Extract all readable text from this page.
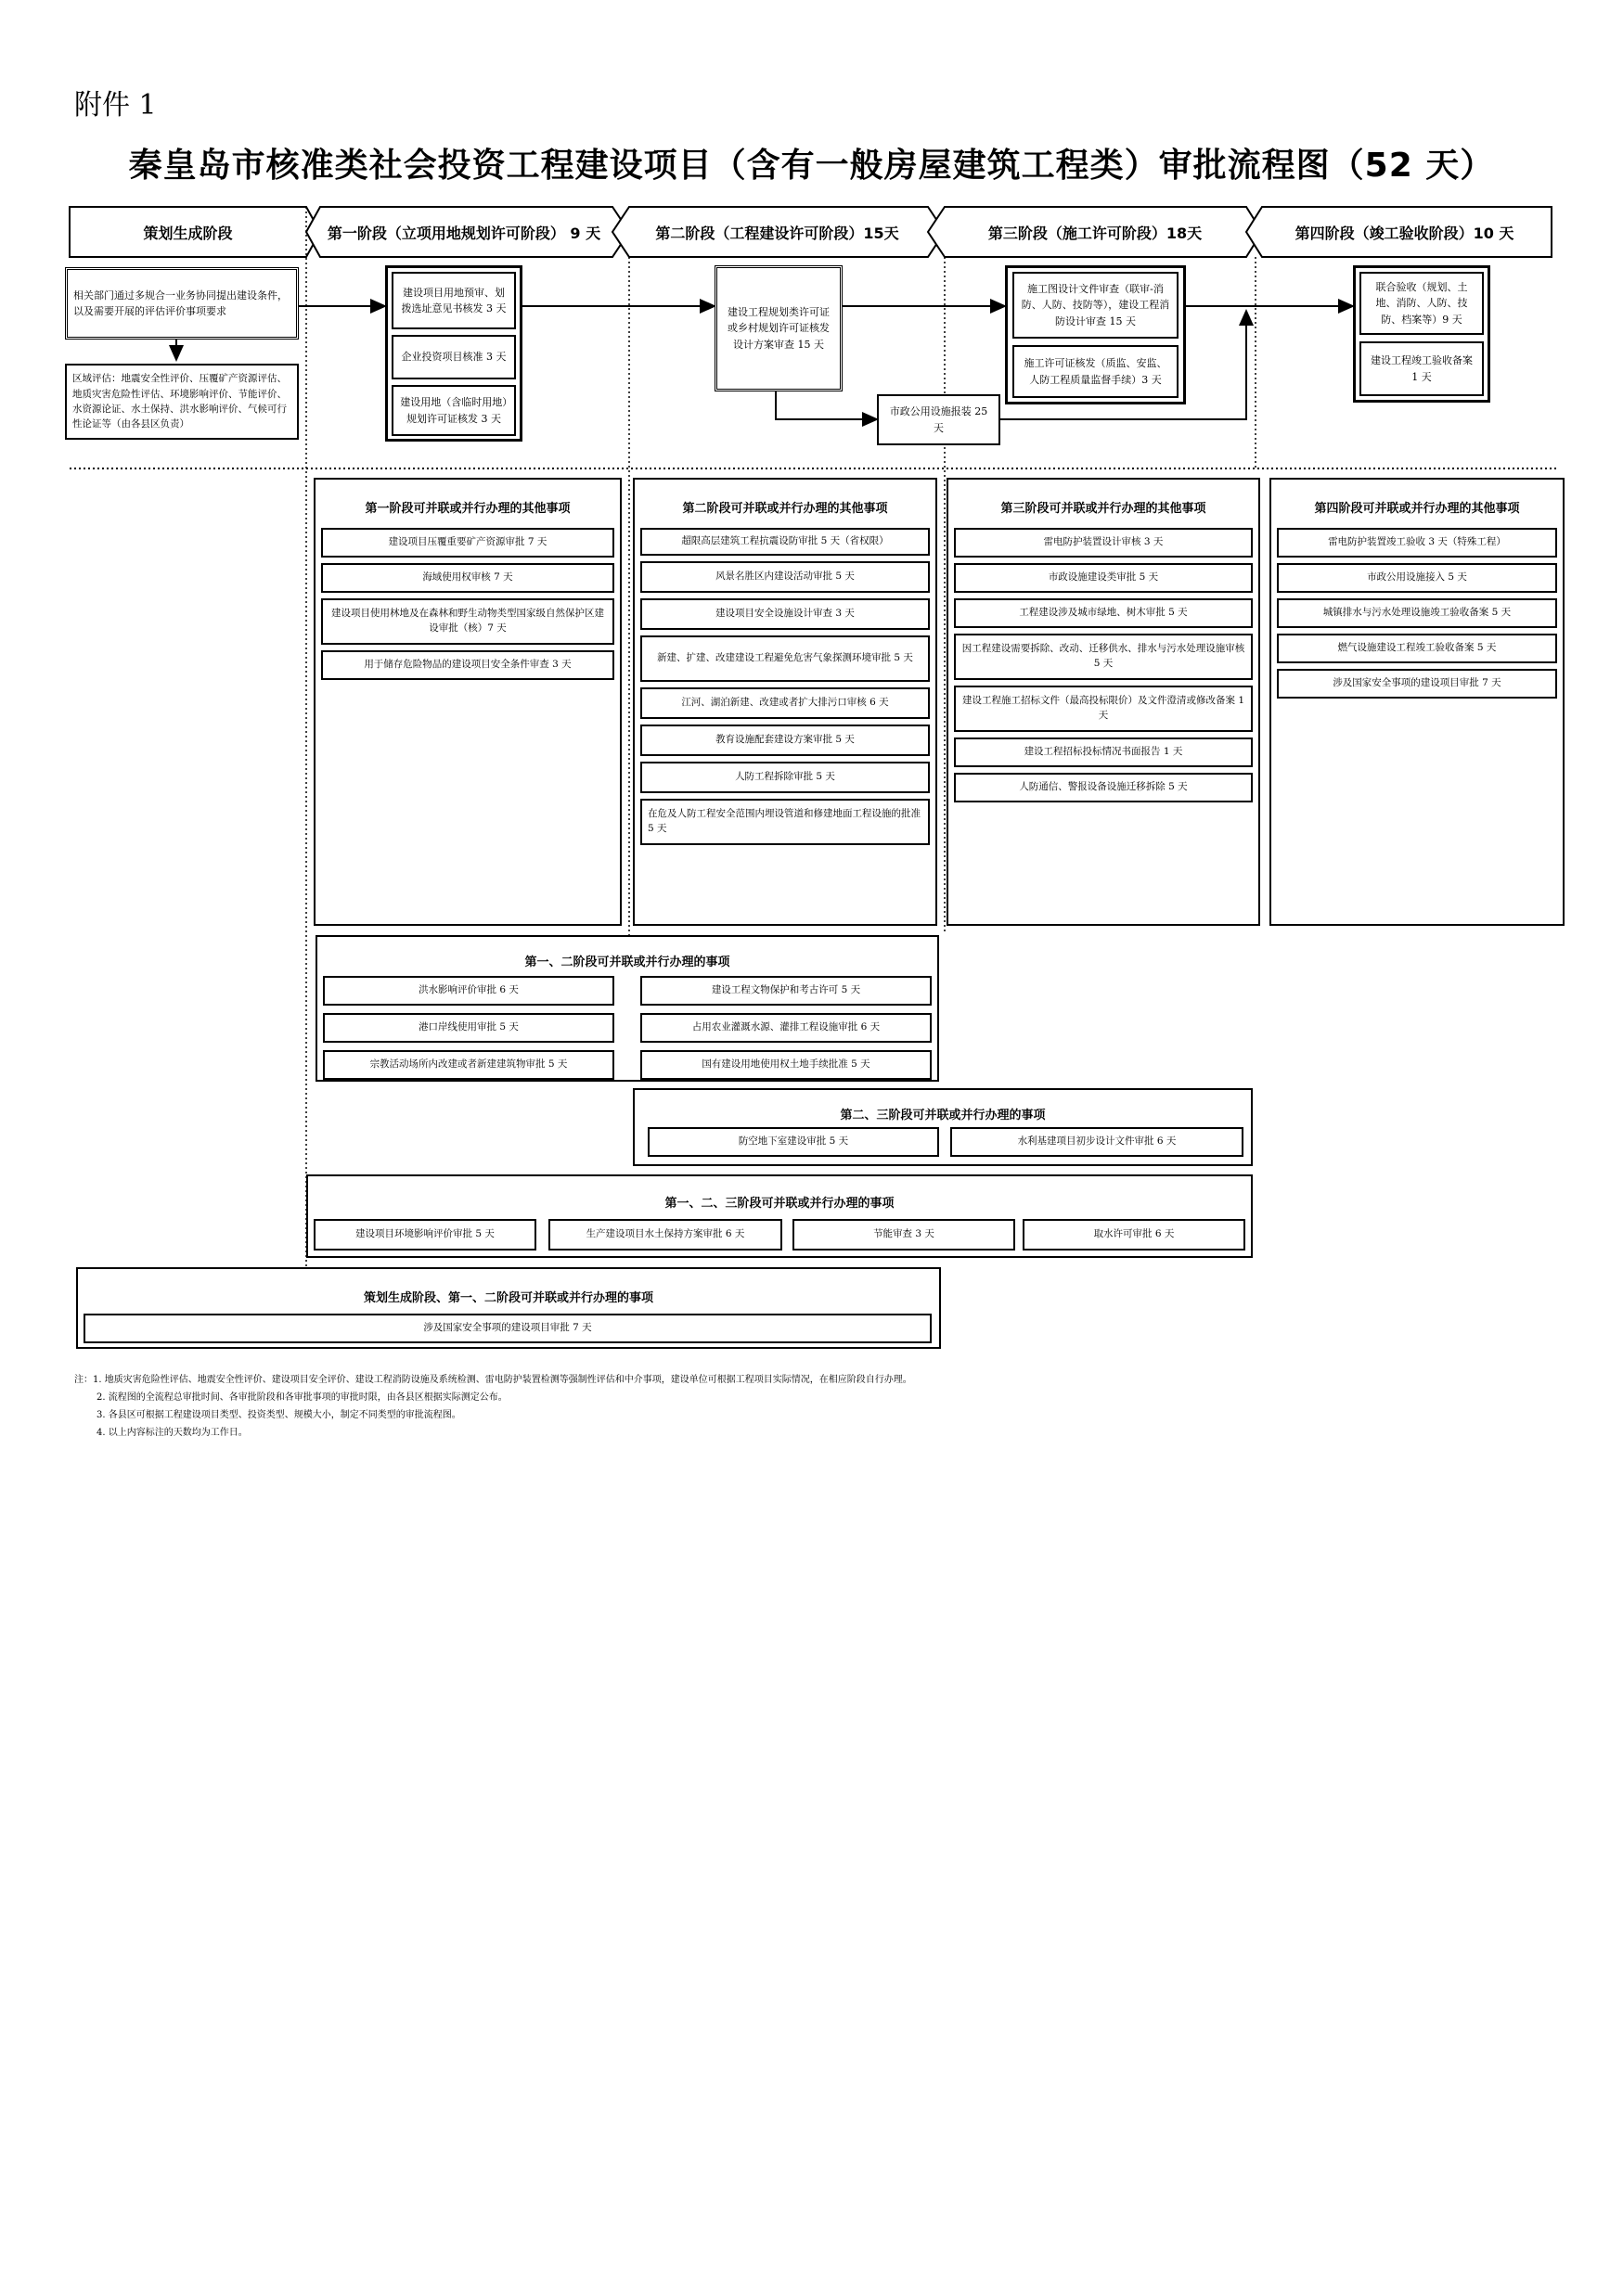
附件 1
秦皇岛市核准类社会投资工程建设项目（含有一般房屋建筑工程类）审批流程图（52 天）
策划生成阶段	第一阶段（立项用地规划许可阶段） 9 天	第二阶段（工程建设许可阶段）15天	第三阶段（施工许可阶段）18天	第四阶段（竣工验收阶段）10 天
相关部门通过多规合一业务协同提出建设条件，以及需要开展的评估评价事项要求
区域评估：地震安全性评价、压覆矿产资源评估、地质灾害危险性评估、环境影响评价、节能评价、水资源论证、水土保持、洪水影响评价、气候可行性论证等（由各县区负责）
建设项目用地预审、划拨选址意见书核发 3 天
企业投资项目核准 3 天
建设用地（含临时用地）规划许可证核发 3 天
建设工程规划类许可证或乡村规划许可证核发设计方案审查 15 天
市政公用设施报装 25 天
施工图设计文件审查（联审-消防、人防、技防等），建设工程消防设计审查 15 天
施工许可证核发（质监、安监、人防工程质量监督手续）3 天
联合验收（规划、土地、消防、人防、技防、档案等）9 天
建设工程竣工验收备案 1 天
第一阶段可并联或并行办理的其他事项
建设项目压覆重要矿产资源审批 7 天
海域使用权审核 7 天
建设项目使用林地及在森林和野生动物类型国家级自然保护区建设审批（核）7 天
用于储存危险物品的建设项目安全条件审查 3 天
第二阶段可并联或并行办理的其他事项
超限高层建筑工程抗震设防审批 5 天（省权限）
风景名胜区内建设活动审批 5 天
建设项目安全设施设计审查 3 天
新建、扩建、改建建设工程避免危害气象探测环境审批 5 天
江河、湖泊新建、改建或者扩大排污口审核 6 天
教育设施配套建设方案审批 5 天
人防工程拆除审批 5 天
在危及人防工程安全范围内埋设管道和修建地面工程设施的批准 5 天
第三阶段可并联或并行办理的其他事项
雷电防护装置设计审核 3 天
市政设施建设类审批 5 天
工程建设涉及城市绿地、树木审批 5 天
因工程建设需要拆除、改动、迁移供水、排水与污水处理设施审核 5 天
建设工程施工招标文件（最高投标限价）及文件澄清或修改备案 1 天
建设工程招标投标情况书面报告 1 天
人防通信、警报设备设施迁移拆除 5 天
第四阶段可并联或并行办理的其他事项
雷电防护装置竣工验收 3 天（特殊工程）
市政公用设施接入 5 天
城镇排水与污水处理设施竣工验收备案 5 天
燃气设施建设工程竣工验收备案 5 天
涉及国家安全事项的建设项目审批 7 天
第一、二阶段可并联或并行办理的事项
洪水影响评价审批 6 天	建设工程文物保护和考古许可 5 天
港口岸线使用审批 5 天	占用农业灌溉水源、灌排工程设施审批 6 天
宗教活动场所内改建或者新建建筑物审批 5 天	国有建设用地使用权土地手续批准 5 天
第二、三阶段可并联或并行办理的事项
防空地下室建设审批 5 天	水利基建项目初步设计文件审批 6 天
第一、二、三阶段可并联或并行办理的事项
建设项目环境影响评价审批 5 天	生产建设项目水土保持方案审批 6 天	节能审查 3 天	取水许可审批 6 天
策划生成阶段、第一、二阶段可并联或并行办理的事项
涉及国家安全事项的建设项目审批 7 天
注：1. 地质灾害危险性评估、地震安全性评价、建设项目安全评价、建设工程消防设施及系统检测、雷电防护装置检测等强制性评估和中介事项，建设单位可根据工程项目实际情况，在相应阶段自行办理。
2. 流程图的全流程总审批时间、各审批阶段和各审批事项的审批时限，由各县区根据实际测定公布。
3. 各县区可根据工程建设项目类型、投资类型、规模大小，制定不同类型的审批流程图。
4. 以上内容标注的天数均为工作日。
